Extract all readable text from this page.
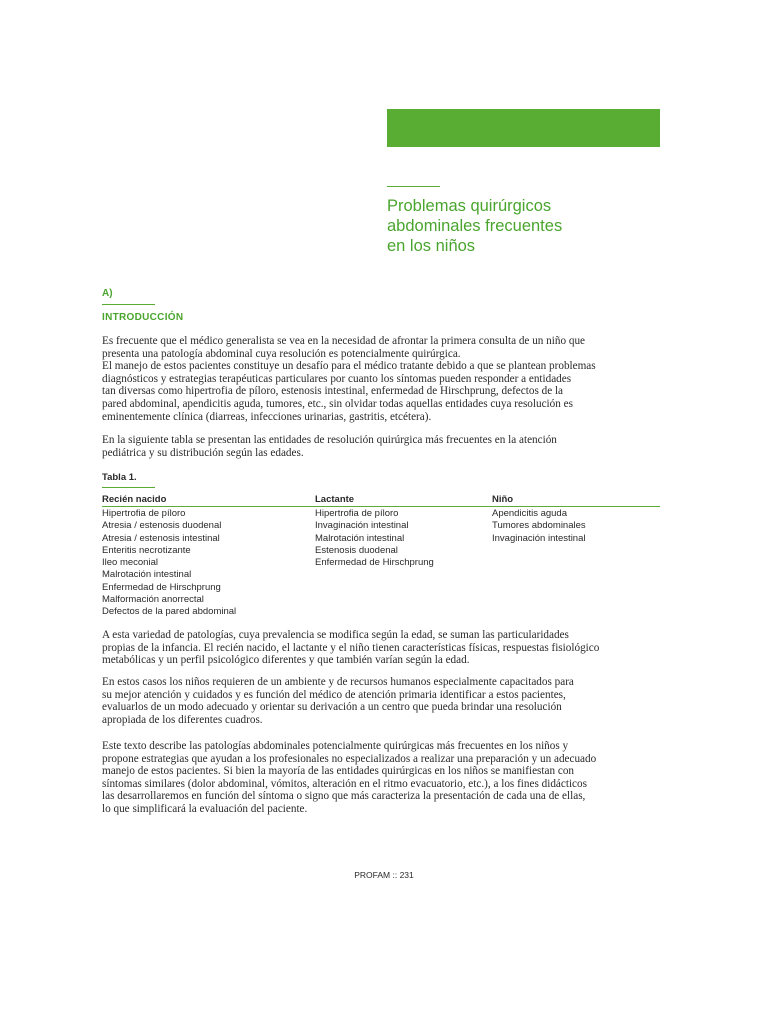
Problemas quirúrgicos
abdominales frecuentes
en los niños
A)
INTRODUCCIÓN

Es frecuente que el médico generalista se vea en la necesidad de afrontar la primera consulta de un niño que
presenta una patología abdominal cuya resolución es potencialmente quirúrgica.
El manejo de estos pacientes constituye un desafío para el médico tratante debido a que se plantean problemas
diagnósticos y estrategias terapéuticas particulares por cuanto los síntomas pueden responder a entidades
tan diversas como hipertrofia de píloro, estenosis intestinal, enfermedad de Hirschprung, defectos de la
pared abdominal, apendicitis aguda, tumores, etc., sin olvidar todas aquellas entidades cuya resolución es
eminentemente clínica (diarreas, infecciones urinarias, gastritis, etcétera).

En la siguiente tabla se presentan las entidades de resolución quirúrgica más frecuentes en la atención
pediátrica y su distribución según las edades.

Tabla 1.
Recién nacido	Lactante	Niño
Hipertrofia de píloro
Atresia / estenosis duodenal
Atresia / estenosis intestinal
Enteritis necrotizante
Ileo meconial
Malrotación intestinal
Enfermedad de Hirschprung
Malformación anorrectal
Defectos de la pared abdominal
Hipertrofia de píloro
Invaginación intestinal
Malrotación intestinal
Estenosis duodenal
Enfermedad de Hirschprung
Apendicitis aguda
Tumores abdominales
Invaginación intestinal

A esta variedad de patologías, cuya prevalencia se modifica según la edad, se suman las particularidades
propias de la infancia. El recién nacido, el lactante y el niño tienen características físicas, respuestas fisiológico
metabólicas y un perfil psicológico diferentes y que también varían según la edad.

En estos casos los niños requieren de un ambiente y de recursos humanos especialmente capacitados para
su mejor atención y cuidados y es función del médico de atención primaria identificar a estos pacientes,
evaluarlos de un modo adecuado y orientar su derivación a un centro que pueda brindar una resolución
apropiada de los diferentes cuadros.

Este texto describe las patologías abdominales potencialmente quirúrgicas más frecuentes en los niños y
propone estrategias que ayudan a los profesionales no especializados a realizar una preparación y un adecuado
manejo de estos pacientes. Si bien la mayoría de las entidades quirúrgicas en los niños se manifiestan con
síntomas similares (dolor abdominal, vómitos, alteración en el ritmo evacuatorio, etc.), a los fines didácticos
las desarrollaremos en función del síntoma o signo que más caracteriza la presentación de cada una de ellas,
lo que simplificará la evaluación del paciente.

PROFAM :: 231
